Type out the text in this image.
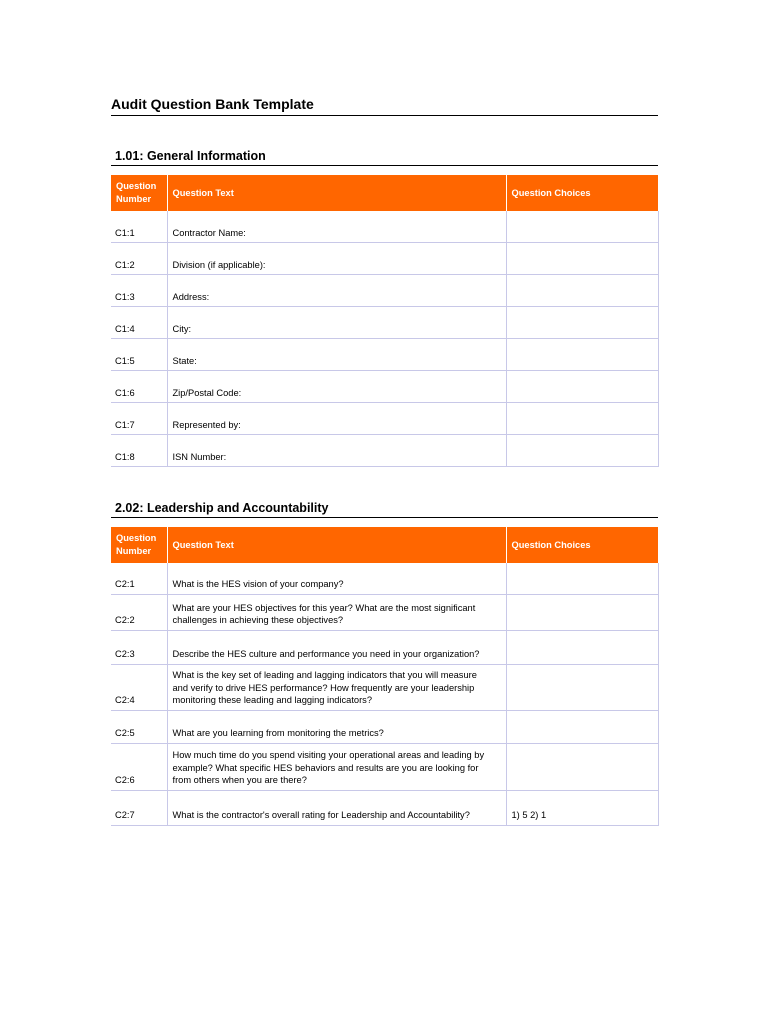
Audit Question Bank Template
1.01: General Information
Question Number	Question Text	Question Choices
C1:1	Contractor Name:	
C1:2	Division (if applicable):	
C1:3	Address:	
C1:4	City:	
C1:5	State:	
C1:6	Zip/Postal Code:	
C1:7	Represented by:	
C1:8	ISN Number:	
2.02: Leadership and Accountability
Question Number	Question Text	Question Choices
C2:1	What is the HES vision of your company?	
C2:2	What are your HES objectives for this year? What are the most significant
challenges in achieving these objectives?	
C2:3	Describe the HES culture and performance you need in your organization?	
C2:4	What is the key set of leading and lagging indicators that you will measure
and verify to drive HES performance? How frequently are your leadership
monitoring these leading and lagging indicators?	
C2:5	What are you learning from monitoring the metrics?	
C2:6	How much time do you spend visiting your operational areas and leading by
example? What specific HES behaviors and results are you are looking for
from others when you are there?	
C2:7	What is the contractor's overall rating for Leadership and Accountability?	1) 5 2) 1
